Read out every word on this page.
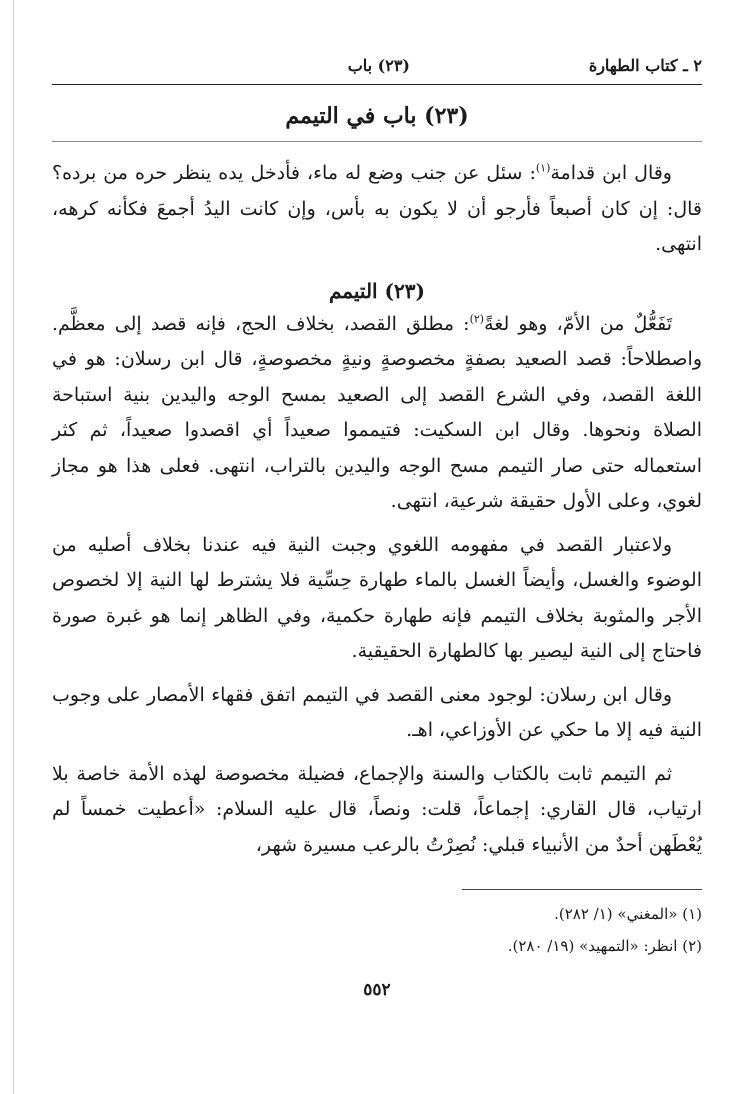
٢ ـ كتاب الطهارة
(٢٣) باب
(٢٣) باب في التيمم

وقال ابن قدامة$^{(١)}$: سئل عن جنب وضع له ماء، فأدخل يده ينظر حره من برده؟ قال: إن كان أصبعاً فأرجو أن لا يكون به بأس، وإن كانت اليدُ أجمعَ فكأنه كرهه، انتهى.

(٢٣) التيمم

تَفَعُّلٌ من الأمّ، وهو لغةً$^{(٢)}$: مطلق القصد، بخلاف الحج، فإنه قصد إلى معظَّم. واصطلاحاً: قصد الصعيد بصفةٍ مخصوصةٍ ونيةٍ مخصوصةٍ، قال ابن رسلان: هو في اللغة القصد، وفي الشرع القصد إلى الصعيد بمسح الوجه واليدين بنية استباحة الصلاة ونحوها. وقال ابن السكيت: فتيمموا صعيداً أي اقصدوا صعيداً، ثم كثر استعماله حتى صار التيمم مسح الوجه واليدين بالتراب، انتهى. فعلى هذا هو مجاز لغوي، وعلى الأول حقيقة شرعية، انتهى.

ولاعتبار القصد في مفهومه اللغوي وجبت النية فيه عندنا بخلاف أصليه من الوضوء والغسل، وأيضاً الغسل بالماء طهارة حِسِّية فلا يشترط لها النية إلا لخصوص الأجر والمثوبة بخلاف التيمم فإنه طهارة حكمية، وفي الظاهر إنما هو غبرة صورة فاحتاج إلى النية ليصير بها كالطهارة الحقيقية.

وقال ابن رسلان: لوجود معنى القصد في التيمم اتفق فقهاء الأمصار على وجوب النية فيه إلا ما حكي عن الأوزاعي، اهـ.

ثم التيمم ثابت بالكتاب والسنة والإجماع، فضيلة مخصوصة لهذه الأمة خاصة بلا ارتياب، قال القاري: إجماعاً، قلت: ونصاً، قال عليه السلام: «أعطيت خمساً لم يُعْطَهن أحدٌ من الأنبياء قبلي: نُصِرْتُ بالرعب مسيرة شهر،

(١) «المغني» (١/ ٢٨٢).

(٢) انظر: «التمهيد» (١٩/ ٢٨٠).

٥٥٢
